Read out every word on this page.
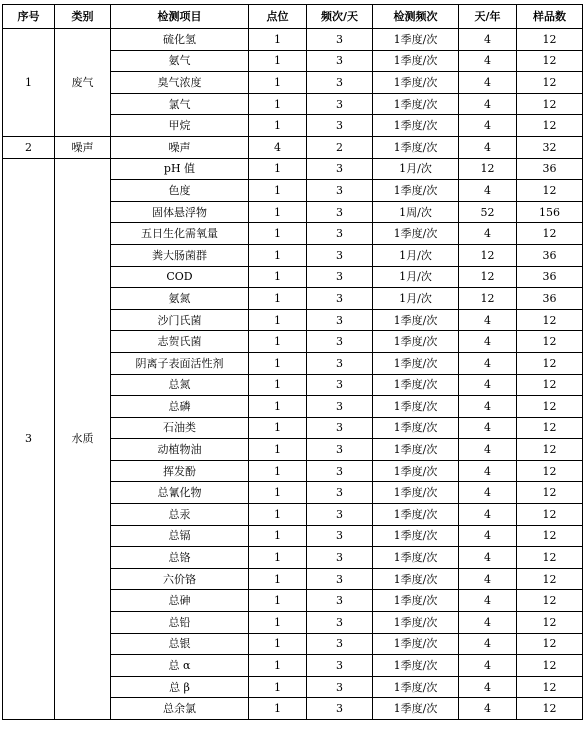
序号	类别	检测项目	点位	频次/天	检测频次	天/年	样品数
1	废气	硫化氢	1	3	1季度/次	4	12
		氨气	1	3	1季度/次	4	12
		臭气浓度	1	3	1季度/次	4	12
		氯气	1	3	1季度/次	4	12
		甲烷	1	3	1季度/次	4	12
2	噪声	噪声	4	2	1季度/次	4	32
3	水质	pH 值	1	3	1月/次	12	36
		色度	1	3	1季度/次	4	12
		固体悬浮物	1	3	1周/次	52	156
		五日生化需氧量	1	3	1季度/次	4	12
		粪大肠菌群	1	3	1月/次	12	36
		COD	1	3	1月/次	12	36
		氨氮	1	3	1月/次	12	36
		沙门氏菌	1	3	1季度/次	4	12
		志贺氏菌	1	3	1季度/次	4	12
		阴离子表面活性剂	1	3	1季度/次	4	12
		总氮	1	3	1季度/次	4	12
		总磷	1	3	1季度/次	4	12
		石油类	1	3	1季度/次	4	12
		动植物油	1	3	1季度/次	4	12
		挥发酚	1	3	1季度/次	4	12
		总氰化物	1	3	1季度/次	4	12
		总汞	1	3	1季度/次	4	12
		总镉	1	3	1季度/次	4	12
		总铬	1	3	1季度/次	4	12
		六价铬	1	3	1季度/次	4	12
		总砷	1	3	1季度/次	4	12
		总铅	1	3	1季度/次	4	12
		总银	1	3	1季度/次	4	12
		总 α	1	3	1季度/次	4	12
		总 β	1	3	1季度/次	4	12
		总余氯	1	3	1季度/次	4	12
